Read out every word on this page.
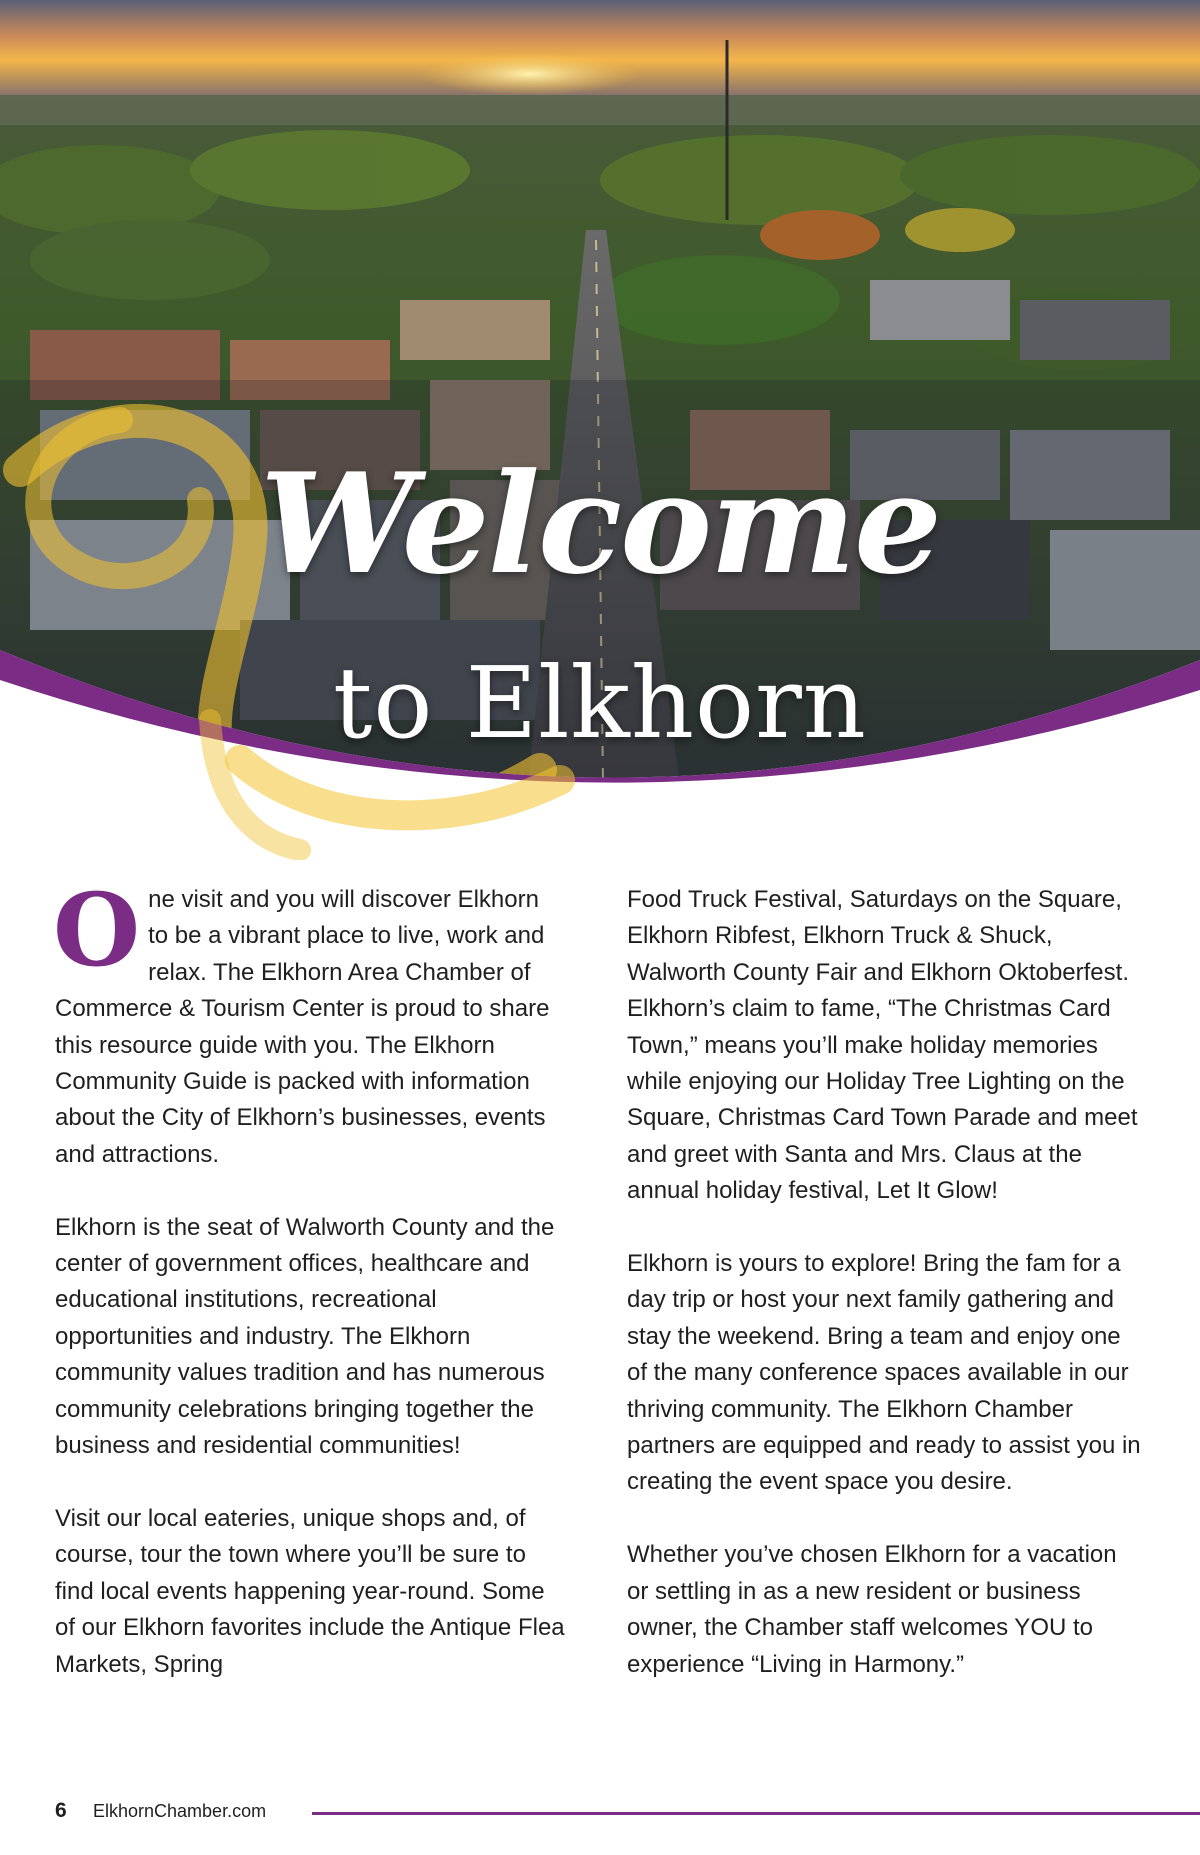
Welcome
to Elkhorn

One visit and you will discover Elkhorn to be a vibrant place to live, work and relax. The Elkhorn Area Chamber of Commerce & Tourism Center is proud to share this resource guide with you. The Elkhorn Community Guide is packed with information about the City of Elkhorn’s businesses, events and attractions.

Elkhorn is the seat of Walworth County and the center of government offices, healthcare and educational institutions, recreational opportunities and industry. The Elkhorn community values tradition and has numerous community celebrations bringing together the business and residential communities!

Visit our local eateries, unique shops and, of course, tour the town where you’ll be sure to find local events happening year-round. Some of our Elkhorn favorites include the Antique Flea Markets, Spring

Food Truck Festival, Saturdays on the Square, Elkhorn Ribfest, Elkhorn Truck & Shuck, Walworth County Fair and Elkhorn Oktoberfest. Elkhorn’s claim to fame, “The Christmas Card Town,” means you’ll make holiday memories while enjoying our Holiday Tree Lighting on the Square, Christmas Card Town Parade and meet and greet with Santa and Mrs. Claus at the annual holiday festival, Let It Glow!

Elkhorn is yours to explore! Bring the fam for a day trip or host your next family gathering and stay the weekend. Bring a team and enjoy one of the many conference spaces available in our thriving community. The Elkhorn Chamber partners are equipped and ready to assist you in creating the event space you desire.

Whether you’ve chosen Elkhorn for a vacation or settling in as a new resident or business owner, the Chamber staff welcomes YOU to experience “Living in Harmony.”

6 ElkhornChamber.com
